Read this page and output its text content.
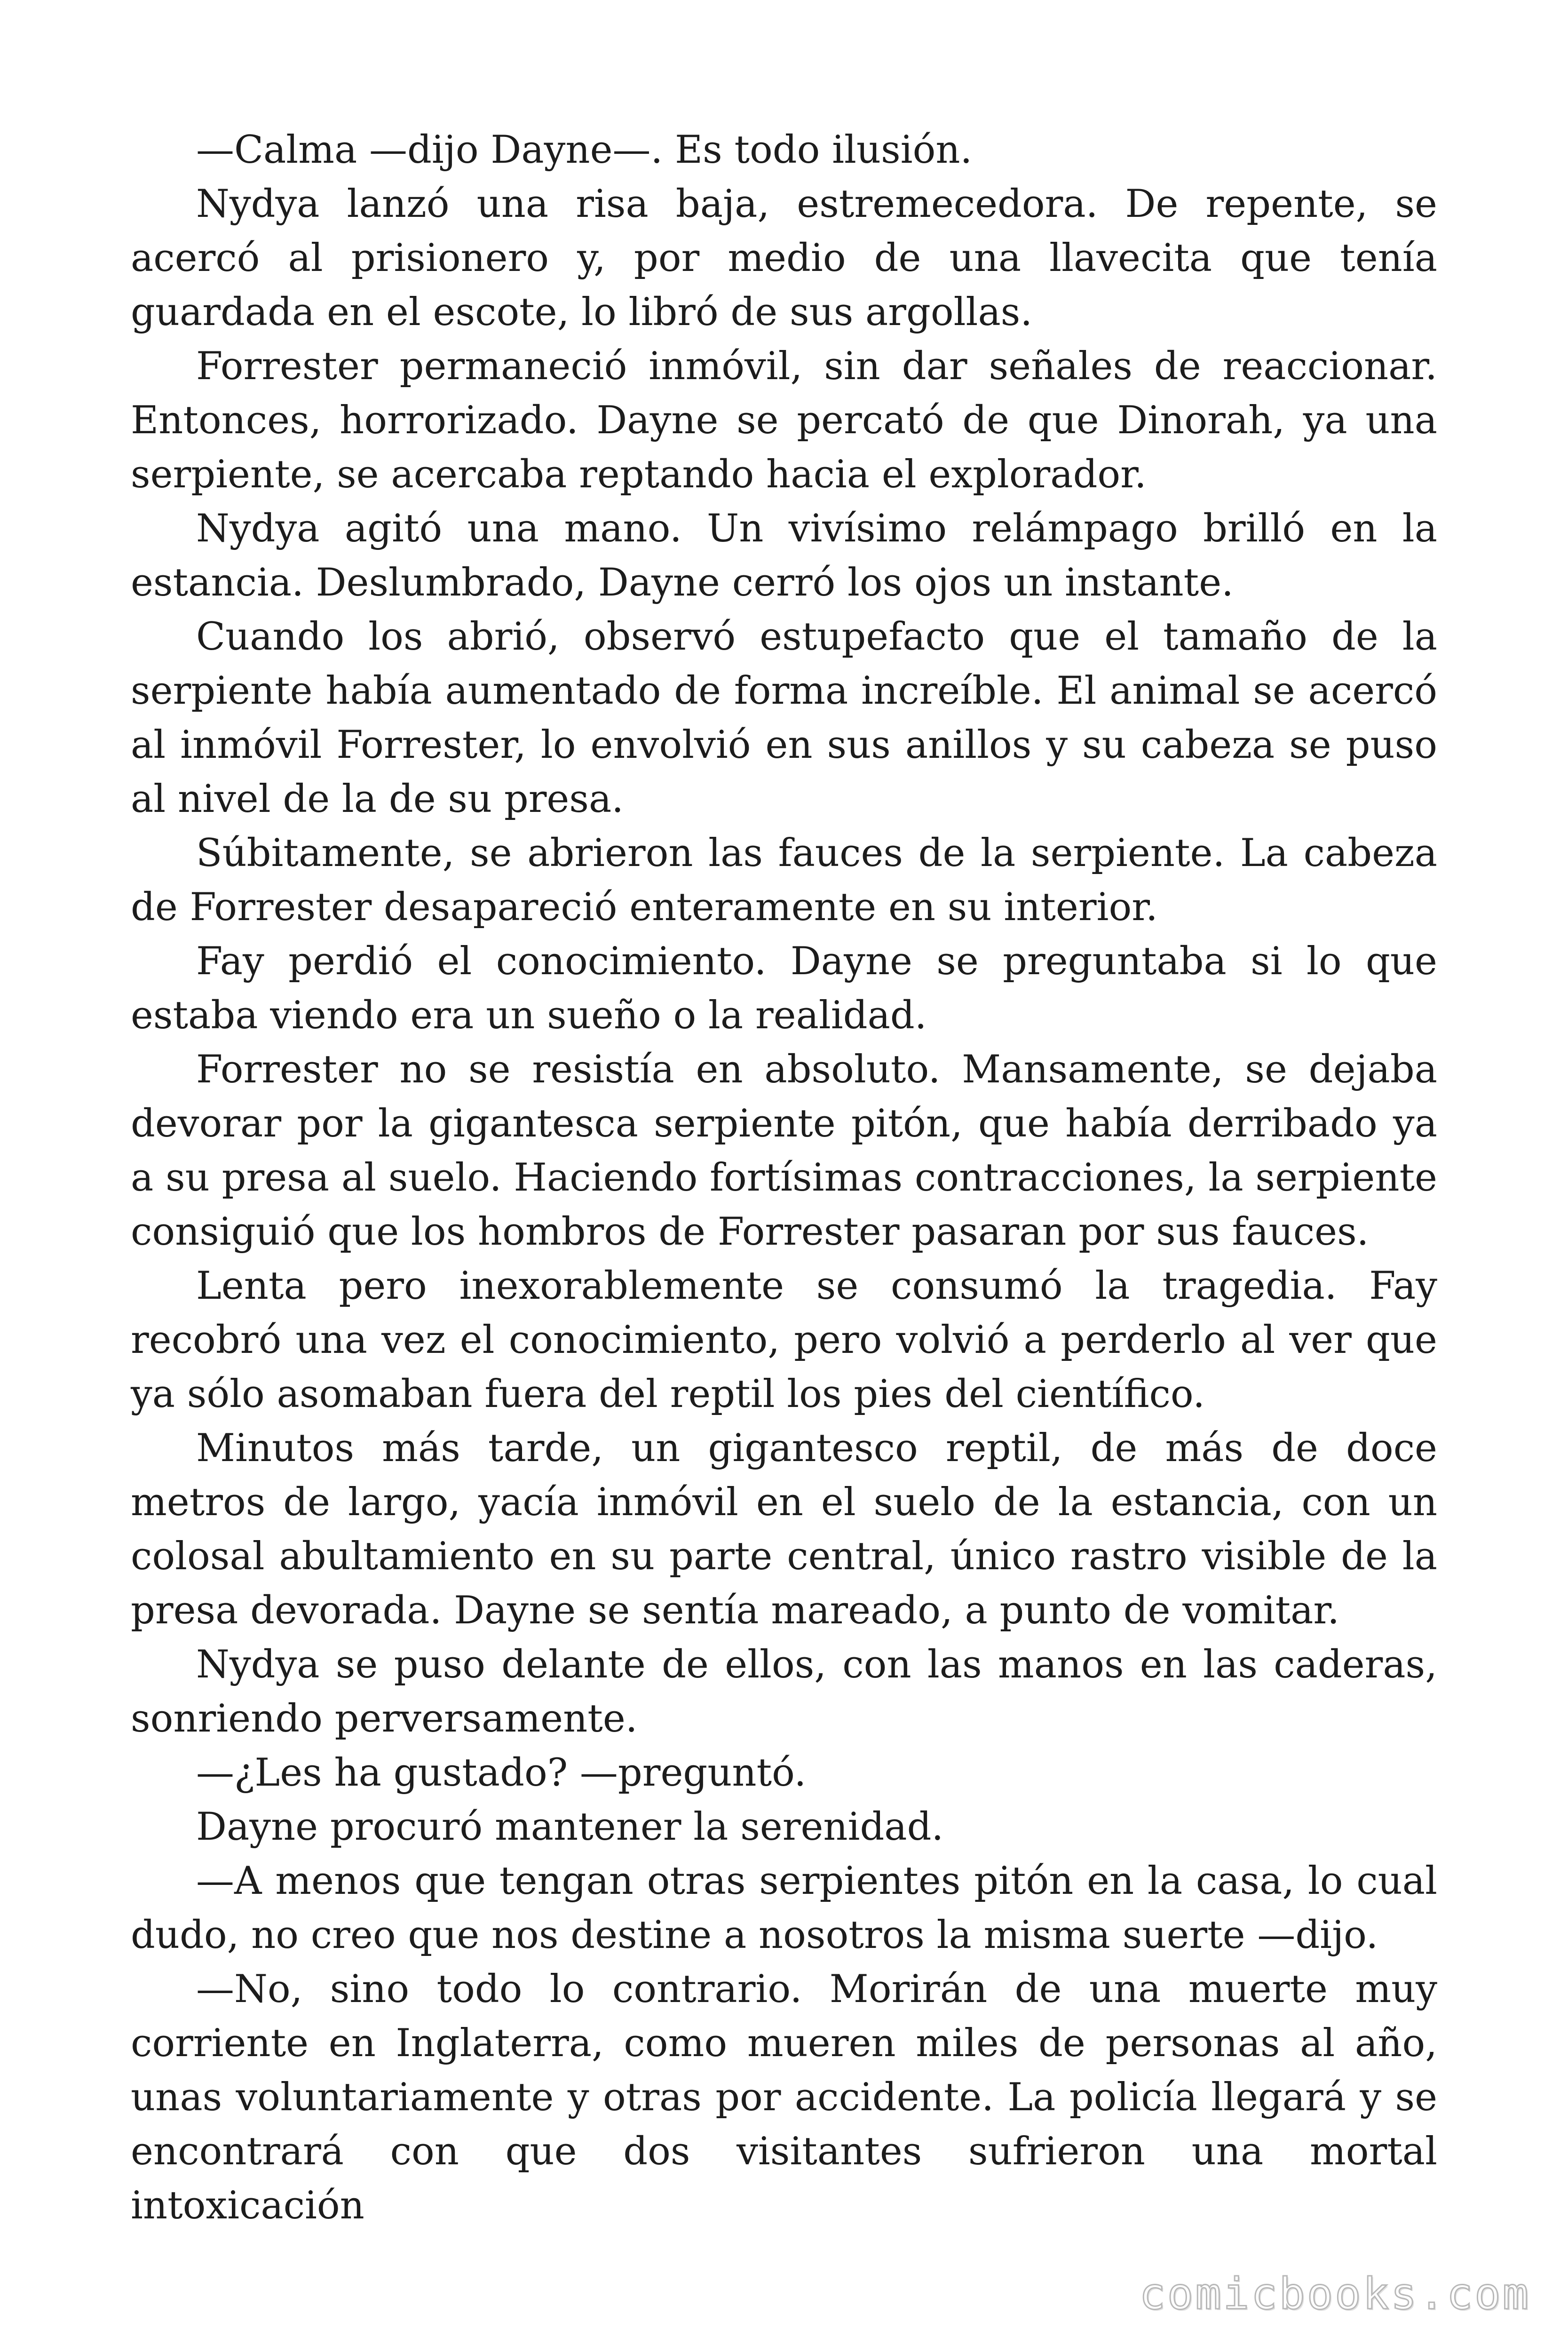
—Calma —dijo Dayne—. Es todo ilusión.

Nydya lanzó una risa baja, estremecedora. De repente, se acercó al prisionero y, por medio de una llavecita que tenía guardada en el escote, lo libró de sus argollas.

Forrester permaneció inmóvil, sin dar señales de reaccionar. Entonces, horrorizado. Dayne se percató de que Dinorah, ya una serpiente, se acercaba reptando hacia el explorador.

Nydya agitó una mano. Un vivísimo relámpago brilló en la estancia. Deslumbrado, Dayne cerró los ojos un instante.

Cuando los abrió, observó estupefacto que el tamaño de la serpiente había aumentado de forma increíble. El animal se acercó al inmóvil Forrester, lo envolvió en sus anillos y su cabeza se puso al nivel de la de su presa.

Súbitamente, se abrieron las fauces de la serpiente. La cabeza de Forrester desapareció enteramente en su interior.

Fay perdió el conocimiento. Dayne se preguntaba si lo que estaba viendo era un sueño o la realidad.

Forrester no se resistía en absoluto. Mansamente, se dejaba devorar por la gigantesca serpiente pitón, que había derribado ya a su presa al suelo. Haciendo fortísimas contracciones, la serpiente consiguió que los hombros de Forrester pasaran por sus fauces.

Lenta pero inexorablemente se consumó la tragedia. Fay recobró una vez el conocimiento, pero volvió a perderlo al ver que ya sólo asomaban fuera del reptil los pies del científico.

Minutos más tarde, un gigantesco reptil, de más de doce metros de largo, yacía inmóvil en el suelo de la estancia, con un colosal abultamiento en su parte central, único rastro visible de la presa devorada. Dayne se sentía mareado, a punto de vomitar.

Nydya se puso delante de ellos, con las manos en las caderas, sonriendo perversamente.

—¿Les ha gustado? —preguntó.

Dayne procuró mantener la serenidad.

—A menos que tengan otras serpientes pitón en la casa, lo cual dudo, no creo que nos destine a nosotros la misma suerte —dijo.

—No, sino todo lo contrario. Morirán de una muerte muy corriente en Inglaterra, como mueren miles de personas al año, unas voluntariamente y otras por accidente. La policía llegará y se encontrará con que dos visitantes sufrieron una mortal intoxicación

comicbooks.com
